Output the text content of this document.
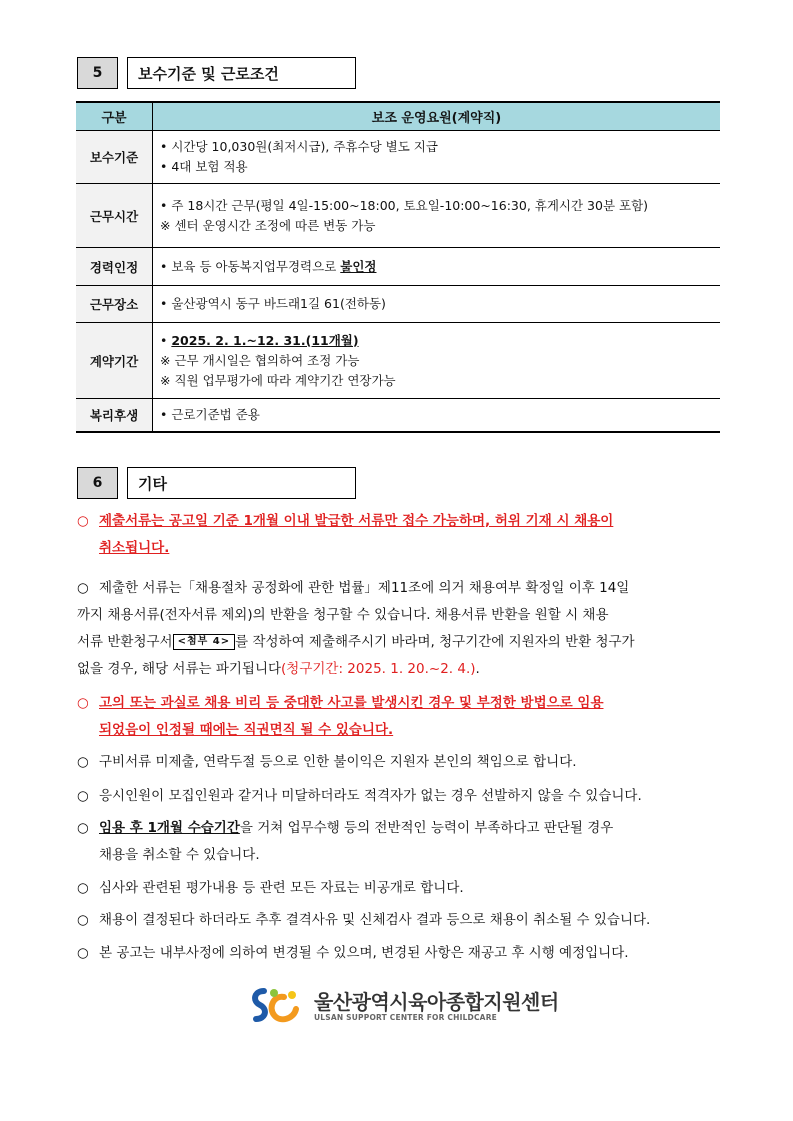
5	보수기준 및 근로조건
구분	보조 운영요원(계약직)
보수기준	• 시간당 10,030원(최저시급), 주휴수당 별도 지급
• 4대 보험 적용

근무시간	• 주 18시간 근무(평일 4일-15:00~18:00, 토요일-10:00~16:30, 휴게시간 30분 포함)
※ 센터 운영시간 조정에 따른 변동 가능

경력인정	• 보육 등 아동복지업무경력으로 불인정

근무장소	• 울산광역시 동구 바드래1길 61(전하동)

계약기간	• 2025. 2. 1.~12. 31.(11개월)
※ 근무 개시일은 협의하여 조정 가능
※ 직원 업무평가에 따라 계약기간 연장가능

복리후생	• 근로기준법 준용
6	기타
○ 제출서류는 공고일 기준 1개월 이내 발급한 서류만 접수 가능하며, 허위 기재 시 채용이
취소됩니다.
○ 제출한 서류는「채용절차 공정화에 관한 법률」제11조에 의거 채용여부 확정일 이후 14일
까지 채용서류(전자서류 제외)의 반환을 청구할 수 있습니다. 채용서류 반환을 원할 시 채용
서류 반환청구서 <첨부 4> 를 작성하여 제출해주시기 바라며, 청구기간에 지원자의 반환 청구가
없을 경우, 해당 서류는 파기됩니다(청구기간: 2025. 1. 20.~2. 4.).
○ 고의 또는 과실로 채용 비리 등 중대한 사고를 발생시킨 경우 및 부정한 방법으로 임용
되었음이 인정될 때에는 직권면직 될 수 있습니다.
○ 구비서류 미제출, 연락두절 등으로 인한 불이익은 지원자 본인의 책임으로 합니다.
○ 응시인원이 모집인원과 같거나 미달하더라도 적격자가 없는 경우 선발하지 않을 수 있습니다.
○ 임용 후 1개월 수습기간을 거쳐 업무수행 등의 전반적인 능력이 부족하다고 판단될 경우
채용을 취소할 수 있습니다.
○ 심사와 관련된 평가내용 등 관련 모든 자료는 비공개로 합니다.
○ 채용이 결정된다 하더라도 추후 결격사유 및 신체검사 결과 등으로 채용이 취소될 수 있습니다.
○ 본 공고는 내부사정에 의하여 변경될 수 있으며, 변경된 사항은 재공고 후 시행 예정입니다.
울산광역시육아종합지원센터
ULSAN SUPPORT CENTER FOR CHILDCARE
